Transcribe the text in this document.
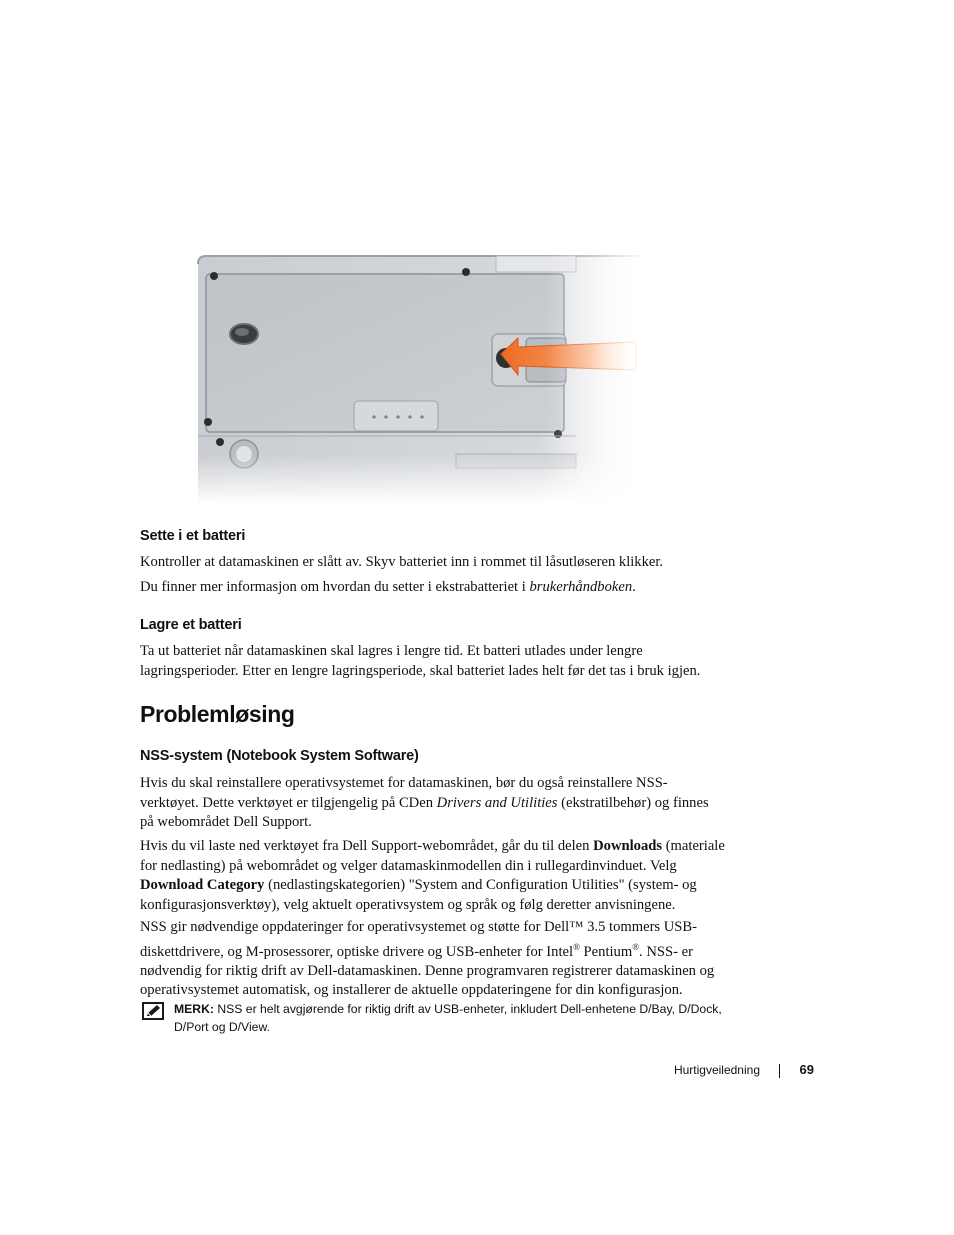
Sette i et batteri

Kontroller at datamaskinen er slått av. Skyv batteriet inn i rommet til låsutløseren klikker.

Du finner mer informasjon om hvordan du setter i ekstrabatteriet i brukerhåndboken.

Lagre et batteri

Ta ut batteriet når datamaskinen skal lagres i lengre tid. Et batteri utlades under lengre
lagringsperioder. Etter en lengre lagringsperiode, skal batteriet lades helt før det tas i bruk igjen.

Problemløsing
NSS-system (Notebook System Software)

Hvis du skal reinstallere operativsystemet for datamaskinen, bør du også reinstallere NSS-
verktøyet. Dette verktøyet er tilgjengelig på CDen Drivers and Utilities (ekstratilbehør) og finnes
på webområdet Dell Support.

Hvis du vil laste ned verktøyet fra Dell Support-webområdet, går du til delen Downloads (materiale
for nedlasting) på webområdet og velger datamaskinmodellen din i rullegardinvinduet. Velg
Download Category (nedlastingskategorien) "System and Configuration Utilities" (system- og
konfigurasjonsverktøy), velg aktuelt operativsystem og språk og følg deretter anvisningene.

NSS gir nødvendige oppdateringer for operativsystemet og støtte for Dell™ 3.5 tommers USB-
diskettdrivere, og M-prosessorer, optiske drivere og USB-enheter for Intel® Pentium®. NSS- er
nødvendig for riktig drift av Dell-datamaskinen. Denne programvaren registrerer datamaskinen og
operativsystemet automatisk, og installerer de aktuelle oppdateringene for din konfigurasjon.

MERK: NSS er helt avgjørende for riktig drift av USB-enheter, inkludert Dell-enhetene D/Bay, D/Dock,
D/Port og D/View.
Hurtigveiledning	69
